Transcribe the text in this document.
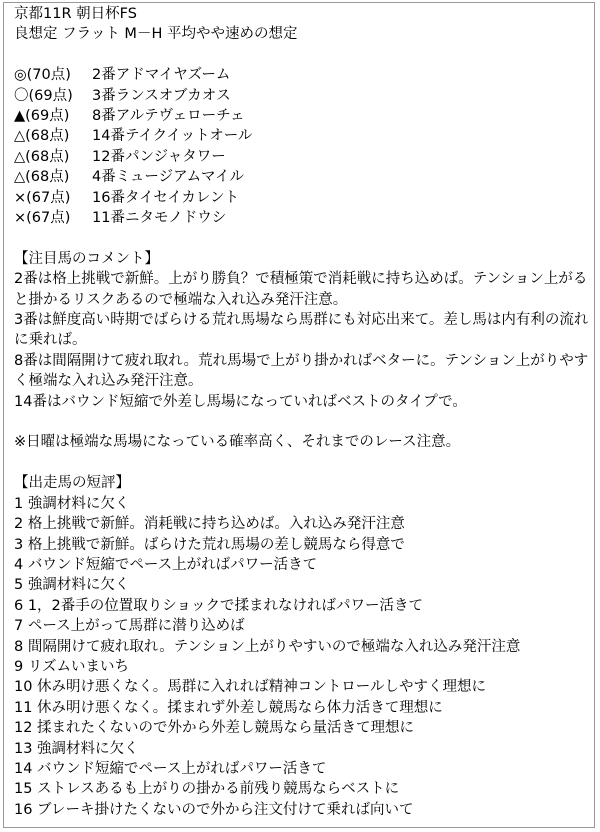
京都11R 朝日杯FS
良想定 フラット M－H 平均やや速めの想定
◎(70点)	2番アドマイヤズーム
〇(69点)	3番ランスオブカオス
▲(69点)	8番アルテヴェローチェ
△(68点)	14番テイクイットオール
△(68点)	12番パンジャタワー
△(68点)	4番ミュージアムマイル
×(67点)	16番タイセイカレント
×(67点)	11番ニタモノドウシ
【注目馬のコメント】
2番は格上挑戦で新鮮。上がり勝負？で積極策で消耗戦に持ち込めば。テンション上がると掛かるリスクあるので極端な入れ込み発汗注意。
3番は鮮度高い時期でばらける荒れ馬場なら馬群にも対応出来て。差し馬は内有利の流れに乗れば。
8番は間隔開けて疲れ取れ。荒れ馬場で上がり掛かればベターに。テンション上がりやすく極端な入れ込み発汗注意。
14番はバウンド短縮で外差し馬場になっていればベストのタイプで。
※日曜は極端な馬場になっている確率高く、それまでのレース注意。
【出走馬の短評】
1 強調材料に欠く
2 格上挑戦で新鮮。消耗戦に持ち込めば。入れ込み発汗注意
3 格上挑戦で新鮮。ばらけた荒れ馬場の差し競馬なら得意で
4 バウンド短縮でペース上がればパワー活きて
5 強調材料に欠く
6 1，2番手の位置取りショックで揉まれなければパワー活きて
7 ペース上がって馬群に潜り込めば
8 間隔開けて疲れ取れ。テンション上がりやすいので極端な入れ込み発汗注意
9 リズムいまいち
10 休み明け悪くなく。馬群に入れれば精神コントロールしやすく理想に
11 休み明け悪くなく。揉まれず外差し競馬なら体力活きて理想に
12 揉まれたくないので外から外差し競馬なら量活きて理想に
13 強調材料に欠く
14 バウンド短縮でペース上がればパワー活きて
15 ストレスあるも上がりの掛かる前残り競馬ならベストに
16 ブレーキ掛けたくないので外から注文付けて乗れば向いて
